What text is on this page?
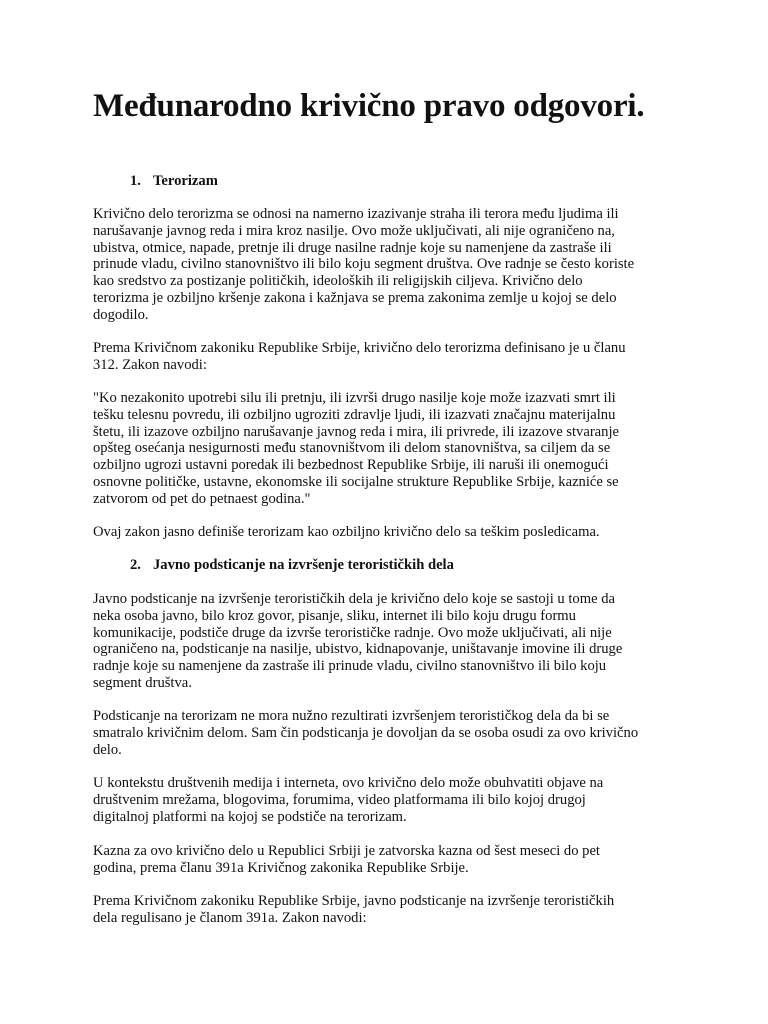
Međunarodno krivično pravo odgovori.
1. Terorizam
Krivično delo terorizma se odnosi na namerno izazivanje straha ili terora među ljudima ili
narušavanje javnog reda i mira kroz nasilje. Ovo može uključivati, ali nije ograničeno na,
ubistva, otmice, napade, pretnje ili druge nasilne radnje koje su namenjene da zastraše ili
prinude vladu, civilno stanovništvo ili bilo koju segment društva. Ove radnje se često koriste
kao sredstvo za postizanje političkih, ideoloških ili religijskih ciljeva. Krivično delo
terorizma je ozbiljno kršenje zakona i kažnjava se prema zakonima zemlje u kojoj se delo
dogodilo.
Prema Krivičnom zakoniku Republike Srbije, krivično delo terorizma definisano je u članu
312. Zakon navodi:
"Ko nezakonito upotrebi silu ili pretnju, ili izvrši drugo nasilje koje može izazvati smrt ili
tešku telesnu povredu, ili ozbiljno ugroziti zdravlje ljudi, ili izazvati značajnu materijalnu
štetu, ili izazove ozbiljno narušavanje javnog reda i mira, ili privrede, ili izazove stvaranje
opšteg osećanja nesigurnosti među stanovništvom ili delom stanovništva, sa ciljem da se
ozbiljno ugrozi ustavni poredak ili bezbednost Republike Srbije, ili naruši ili onemogući
osnovne političke, ustavne, ekonomske ili socijalne strukture Republike Srbije, kazniće se
zatvorom od pet do petnaest godina."
Ovaj zakon jasno definiše terorizam kao ozbiljno krivično delo sa teškim posledicama.
2. Javno podsticanje na izvršenje terorističkih dela
Javno podsticanje na izvršenje terorističkih dela je krivično delo koje se sastoji u tome da
neka osoba javno, bilo kroz govor, pisanje, sliku, internet ili bilo koju drugu formu
komunikacije, podstiče druge da izvrše terorističke radnje. Ovo može uključivati, ali nije
ograničeno na, podsticanje na nasilje, ubistvo, kidnapovanje, uništavanje imovine ili druge
radnje koje su namenjene da zastraše ili prinude vladu, civilno stanovništvo ili bilo koju
segment društva.
Podsticanje na terorizam ne mora nužno rezultirati izvršenjem terorističkog dela da bi se
smatralo krivičnim delom. Sam čin podsticanja je dovoljan da se osoba osudi za ovo krivično
delo.
U kontekstu društvenih medija i interneta, ovo krivično delo može obuhvatiti objave na
društvenim mrežama, blogovima, forumima, video platformama ili bilo kojoj drugoj
digitalnoj platformi na kojoj se podstiče na terorizam.
Kazna za ovo krivično delo u Republici Srbiji je zatvorska kazna od šest meseci do pet
godina, prema članu 391a Krivičnog zakonika Republike Srbije.
Prema Krivičnom zakoniku Republike Srbije, javno podsticanje na izvršenje terorističkih
dela regulisano je članom 391a. Zakon navodi:
